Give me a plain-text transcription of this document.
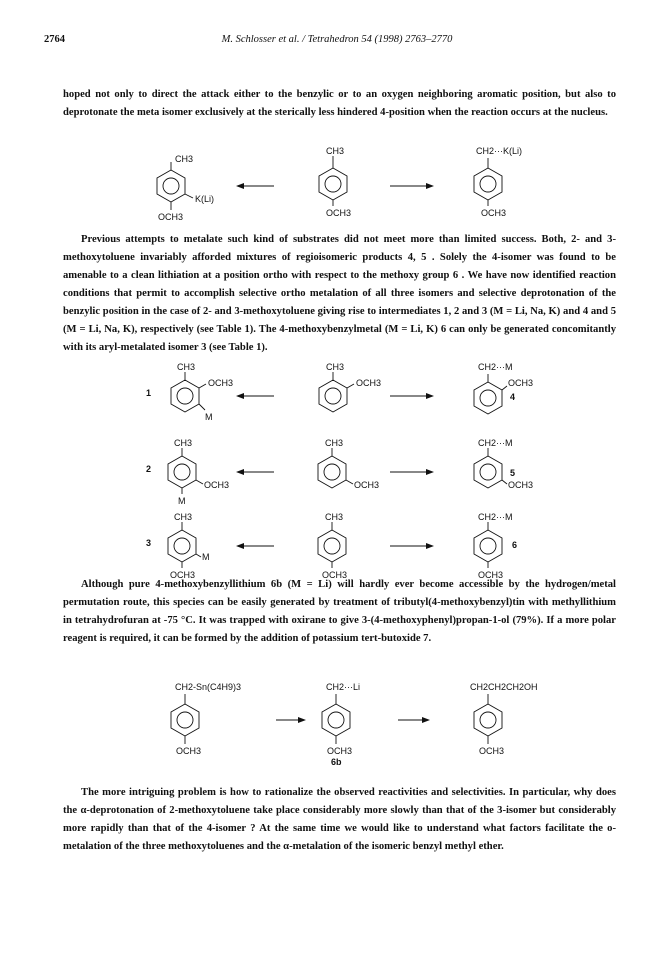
2764	M. Schlosser et al. / Tetrahedron 54 (1998) 2763–2770

hoped not only to direct the attack either to the benzylic or to an oxygen neighboring aromatic position, but also to deprotonate the meta isomer exclusively at the sterically less hindered 4-position when the reaction occurs at the nucleus.

CH3
K(Li)
OCH3
CH3
OCH3
CH2···K(Li)
OCH3

Previous attempts to metalate such kind of substrates did not meet more than limited success. Both, 2- and 3-methoxytoluene invariably afforded mixtures of regioisomeric products 4, 5 . Solely the 4-isomer was found to be amenable to a clean lithiation at a position ortho with respect to the methoxy group 6 . We have now identified reaction conditions that permit to accomplish selective ortho metalation of all three isomers and selective deprotonation of the benzylic position in the case of 2- and 3-methoxytoluene giving rise to intermediates 1, 2 and 3 (M = Li, Na, K) and 4 and 5 (M = Li, Na, K), respectively (see Table 1). The 4-methoxybenzylmetal (M = Li, K) 6 can only be generated concomitantly with its aryl-metalated isomer 3 (see Table 1).

1
CH3
OCH3
M
CH3
OCH3
CH2···M
OCH3
4
2
CH3
OCH3
M
CH3
OCH3
CH2···M
OCH3
5
3
CH3
M
OCH3
CH3
OCH3
CH2···M
6
OCH3

Although pure 4-methoxybenzyllithium 6b (M = Li) will hardly ever become accessible by the hydrogen/metal permutation route, this species can be easily generated by treatment of tributyl(4-methoxybenzyl)tin with methyllithium in tetrahydrofuran at -75 °C. It was trapped with oxirane to give 3-(4-methoxyphenyl)propan-1-ol (79%). If a more polar reagent is required, it can be formed by the addition of potassium tert-butoxide 7.

CH2-Sn(C4H9)3
OCH3
CH2···Li
OCH3
6b
CH2CH2CH2OH
OCH3

The more intriguing problem is how to rationalize the observed reactivities and selectivities. In particular, why does the α-deprotonation of 2-methoxytoluene take place considerably more slowly than that of the 3-isomer but considerably more rapidly than that of the 4-isomer ? At the same time we would like to understand what factors facilitate the o-metalation of the three methoxytoluenes and the α-metalation of the isomeric benzyl methyl ether.
